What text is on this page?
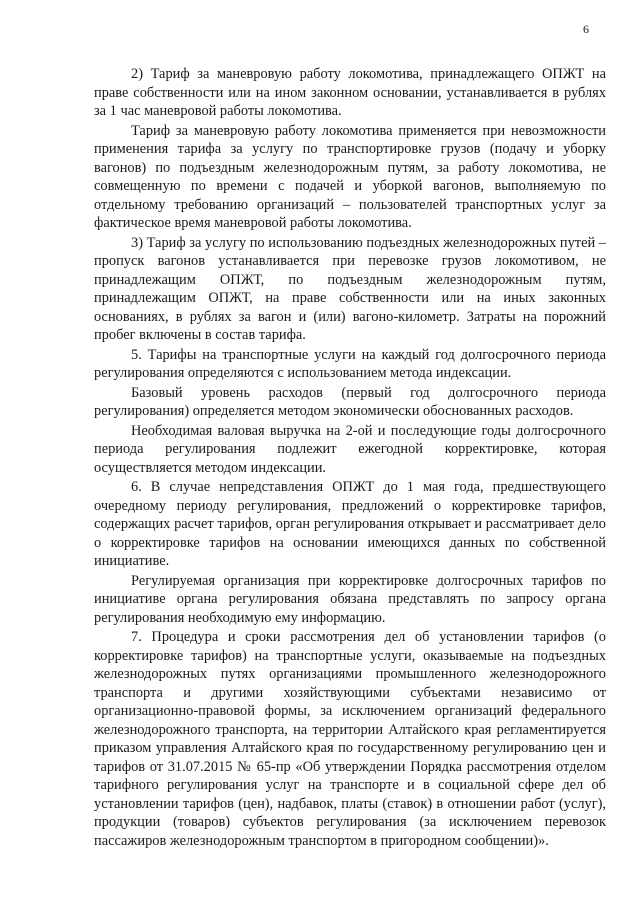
6

2) Тариф за маневровую работу локомотива, принадлежащего ОПЖТ на праве собственности или на ином законном основании, устанавливается в рублях за 1 час маневровой работы локомотива.

Тариф за маневровую работу локомотива применяется при невозможности применения тарифа за услугу по транспортировке грузов (подачу и уборку вагонов) по подъездным железнодорожным путям, за работу локомотива, не совмещенную по времени с подачей и уборкой вагонов, выполняемую по отдельному требованию организаций – пользователей транспортных услуг за фактическое время маневровой работы локомотива.

3) Тариф за услугу по использованию подъездных железнодорожных путей – пропуск вагонов устанавливается при перевозке грузов локомотивом, не принадлежащим ОПЖТ, по подъездным железнодорожным путям, принадлежащим ОПЖТ, на праве собственности или на иных законных основаниях, в рублях за вагон и (или) вагоно-километр. Затраты на порожний пробег включены в состав тарифа.

5. Тарифы на транспортные услуги на каждый год долгосрочного периода регулирования определяются с использованием метода индексации.

Базовый уровень расходов (первый год долгосрочного периода регулирования) определяется методом экономически обоснованных расходов.

Необходимая валовая выручка на 2-ой и последующие годы долгосрочного периода регулирования подлежит ежегодной корректировке, которая осуществляется методом индексации.

6. В случае непредставления ОПЖТ до 1 мая года, предшествующего очередному периоду регулирования, предложений о корректировке тарифов, содержащих расчет тарифов, орган регулирования открывает и рассматривает дело о корректировке тарифов на основании имеющихся данных по собственной инициативе.

Регулируемая организация при корректировке долгосрочных тарифов по инициативе органа регулирования обязана представлять по запросу органа регулирования необходимую ему информацию.

7. Процедура и сроки рассмотрения дел об установлении тарифов (о корректировке тарифов) на транспортные услуги, оказываемые на подъездных железнодорожных путях организациями промышленного железнодорожного транспорта и другими хозяйствующими субъектами независимо от организационно-правовой формы, за исключением организаций федерального железнодорожного транспорта, на территории Алтайского края регламентируется приказом управления Алтайского края по государственному регулированию цен и тарифов от 31.07.2015 № 65-пр «Об утверждении Порядка рассмотрения отделом тарифного регулирования услуг на транспорте и в социальной сфере дел об установлении тарифов (цен), надбавок, платы (ставок) в отношении работ (услуг), продукции (товаров) субъектов регулирования (за исключением перевозок пассажиров железнодорожным транспортом в пригородном сообщении)».
